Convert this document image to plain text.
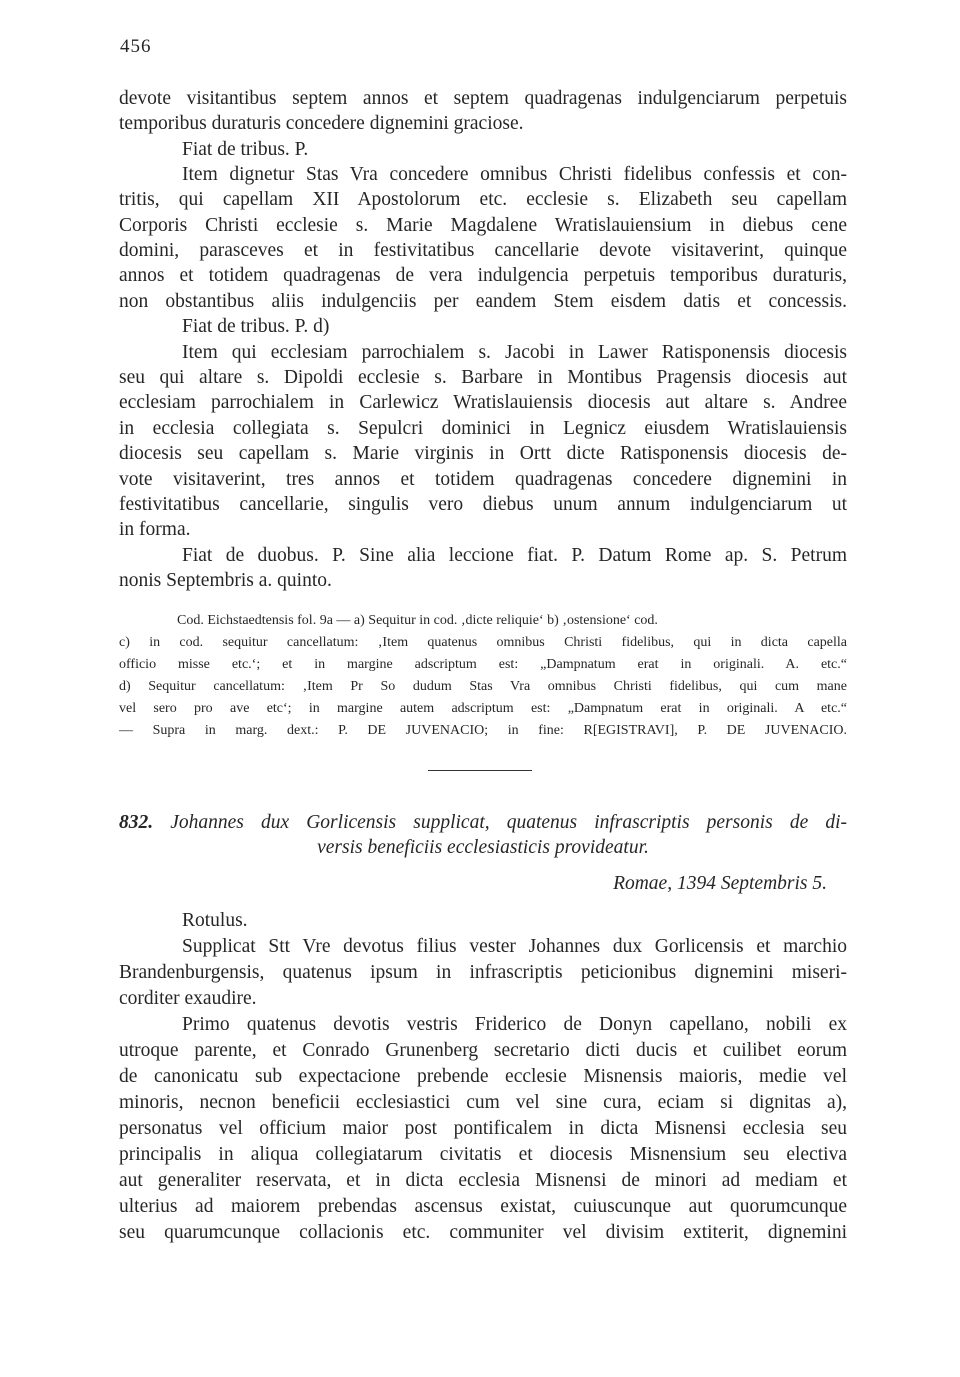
456
devote visitantibus septem annos et septem quadragenas indulgenciarum perpetuis
temporibus duraturis concedere dignemini graciose.
Fiat de tribus. P.
Item dignetur Stas Vra concedere omnibus Christi fidelibus confessis et con-
tritis, qui capellam XII Apostolorum etc. ecclesie s. Elizabeth seu capellam
Corporis Christi ecclesie s. Marie Magdalene Wratislauiensium in diebus cene
domini, parasceves et in festivitatibus cancellarie devote visitaverint, quinque
annos et totidem quadragenas de vera indulgencia perpetuis temporibus duraturis,
non obstantibus aliis indulgenciis per eandem Stem eisdem datis et concessis.
Fiat de tribus. P. d)
Item qui ecclesiam parrochialem s. Jacobi in Lawer Ratisponensis diocesis
seu qui altare s. Dipoldi ecclesie s. Barbare in Montibus Pragensis diocesis aut
ecclesiam parrochialem in Carlewicz Wratislauiensis diocesis aut altare s. Andree
in ecclesia collegiata s. Sepulcri dominici in Legnicz eiusdem Wratislauiensis
diocesis seu capellam s. Marie virginis in Ortt dicte Ratisponensis diocesis de-
vote visitaverint, tres annos et totidem quadragenas concedere dignemini in
festivitatibus cancellarie, singulis vero diebus unum annum indulgenciarum ut
in forma.
Fiat de duobus. P. Sine alia leccione fiat. P. Datum Rome ap. S. Petrum
nonis Septembris a. quinto.
Cod. Eichstaedtensis fol. 9a — a) Sequitur in cod. ‚dicte reliquie‘ b) ‚ostensione‘ cod.
c) in cod. sequitur cancellatum: ‚Item quatenus omnibus Christi fidelibus, qui in dicta capella
officio misse etc.‘; et in margine adscriptum est: „Dampnatum erat in originali. A. etc.“
d) Sequitur cancellatum: ‚Item Pr So dudum Stas Vra omnibus Christi fidelibus, qui cum mane
vel sero pro ave etc‘; in margine autem adscriptum est: „Dampnatum erat in originali. A etc.“
— Supra in marg. dext.: P. DE JUVENACIO; in fine: R[EGISTRAVI], P. DE JUVENACIO.
832. Johannes dux Gorlicensis supplicat, quatenus infrascriptis personis de di-
versis beneficiis ecclesiasticis provideatur.
Romae, 1394 Septembris 5.
Rotulus.
Supplicat Stt Vre devotus filius vester Johannes dux Gorlicensis et marchio
Brandenburgensis, quatenus ipsum in infrascriptis peticionibus dignemini miseri-
corditer exaudire.
Primo quatenus devotis vestris Friderico de Donyn capellano, nobili ex
utroque parente, et Conrado Grunenberg secretario dicti ducis et cuilibet eorum
de canonicatu sub expectacione prebende ecclesie Misnensis maioris, medie vel
minoris, necnon beneficii ecclesiastici cum vel sine cura, eciam si dignitas a),
personatus vel officium maior post pontificalem in dicta Misnensi ecclesia seu
principalis in aliqua collegiatarum civitatis et diocesis Misnensium seu electiva
aut generaliter reservata, et in dicta ecclesia Misnensi de minori ad mediam et
ulterius ad maiorem prebendas ascensus existat, cuiuscunque aut quorumcunque
seu quarumcunque collacionis etc. communiter vel divisim extiterit, dignemini
